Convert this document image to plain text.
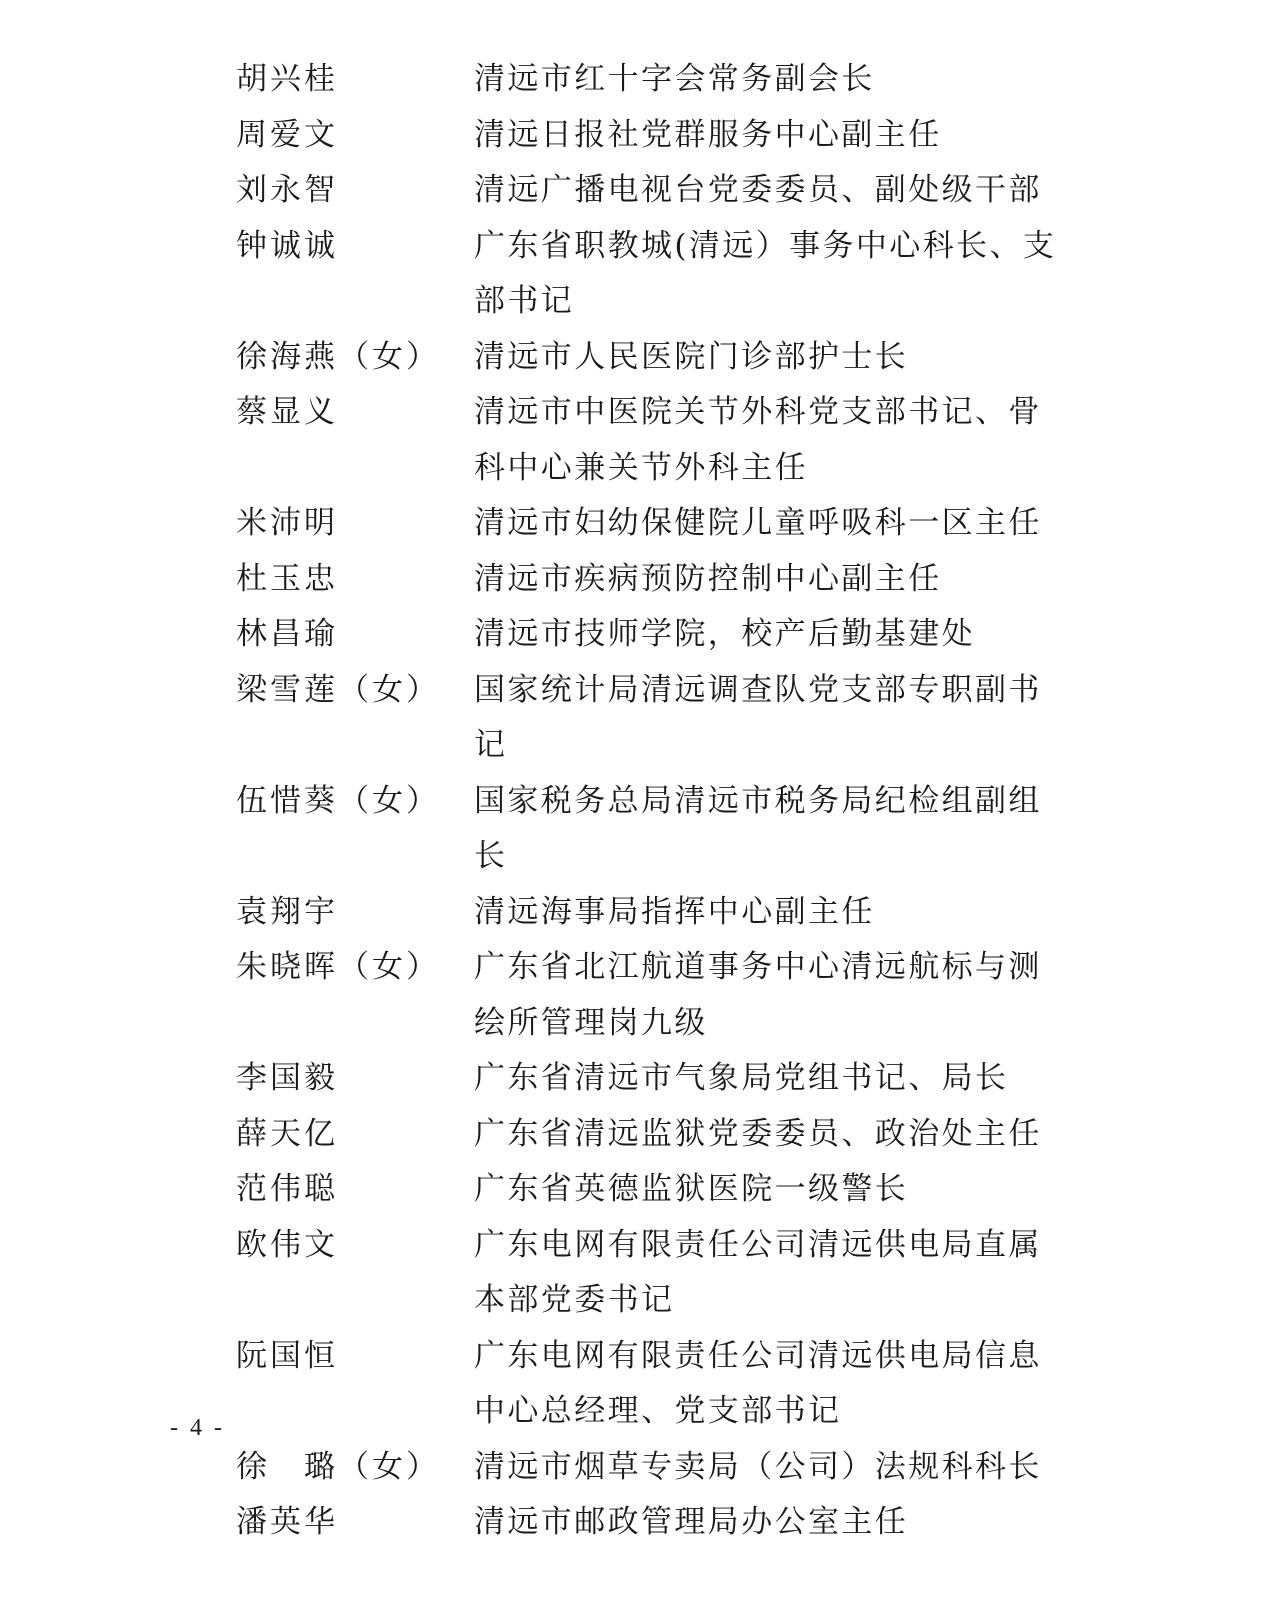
胡兴桂	清远市红十字会常务副会长
周爱文	清远日报社党群服务中心副主任
刘永智	清远广播电视台党委委员、副处级干部
钟诚诚	广东省职教城(清远）事务中心科长、支部书记
徐海燕（女）	清远市人民医院门诊部护士长
蔡显义	清远市中医院关节外科党支部书记、骨科中心兼关节外科主任
米沛明	清远市妇幼保健院儿童呼吸科一区主任
杜玉忠	清远市疾病预防控制中心副主任
林昌瑜	清远市技师学院，校产后勤基建处
梁雪莲（女）	国家统计局清远调查队党支部专职副书记
伍惜葵（女）	国家税务总局清远市税务局纪检组副组长
袁翔宇	清远海事局指挥中心副主任
朱晓晖（女）	广东省北江航道事务中心清远航标与测绘所管理岗九级
李国毅	广东省清远市气象局党组书记、局长
薛天亿	广东省清远监狱党委委员、政治处主任
范伟聪	广东省英德监狱医院一级警长
欧伟文	广东电网有限责任公司清远供电局直属本部党委书记
阮国恒	广东电网有限责任公司清远供电局信息中心总经理、党支部书记
徐　璐（女）	清远市烟草专卖局（公司）法规科科长
潘英华	清远市邮政管理局办公室主任
- 4 -
